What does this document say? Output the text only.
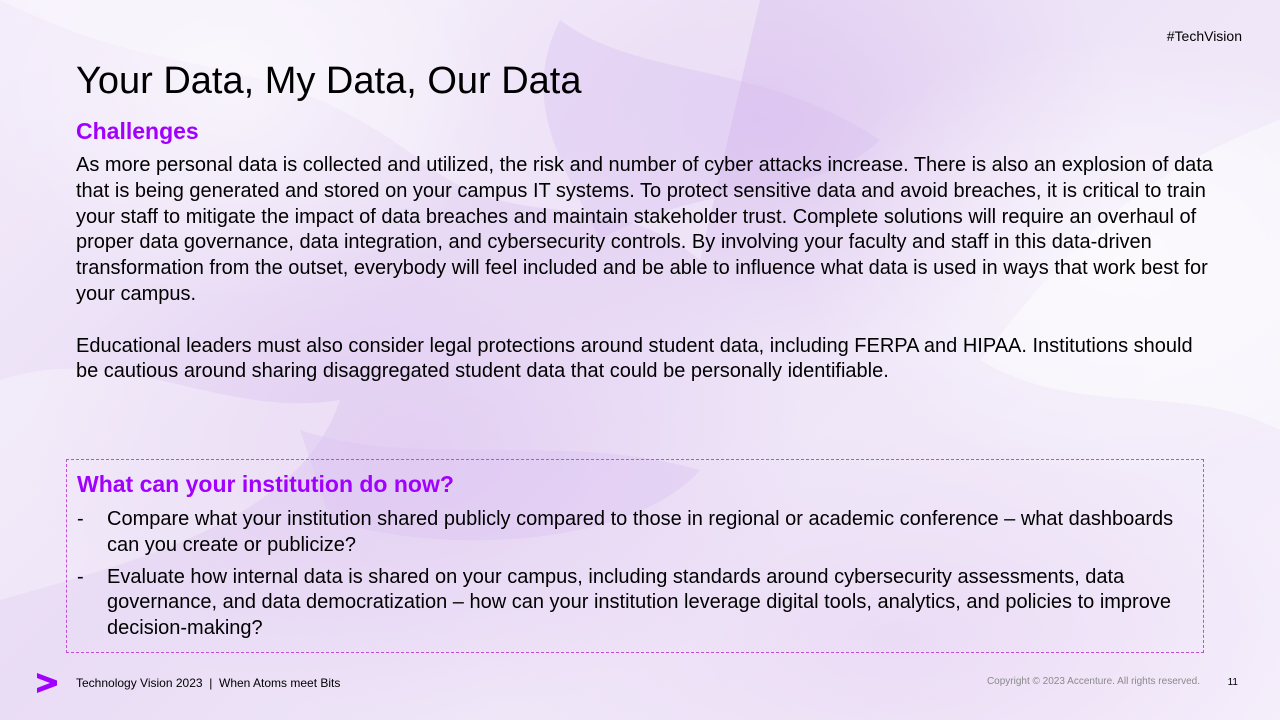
#TechVision
Your Data, My Data, Our Data
Challenges

As more personal data is collected and utilized, the risk and number of cyber attacks increase. There is also an explosion of data that is being generated and stored on your campus IT systems. To protect sensitive data and avoid breaches, it is critical to train your staff to mitigate the impact of data breaches and maintain stakeholder trust. Complete solutions will require an overhaul of proper data governance, data integration, and cybersecurity controls. By involving your faculty and staff in this data-driven transformation from the outset, everybody will feel included and be able to influence what data is used in ways that work best for your campus.

Educational leaders must also consider legal protections around student data, including FERPA and HIPAA. Institutions should be cautious around sharing disaggregated student data that could be personally identifiable.

What can your institution do now?
-	Compare what your institution shared publicly compared to those in regional or academic conference – what dashboards can you create or publicize?
-	Evaluate how internal data is shared on your campus, including standards around cybersecurity assessments, data governance, and data democratization – how can your institution leverage digital tools, analytics, and policies to improve decision-making?
Technology Vision 2023  |  When Atoms meet Bits	Copyright © 2023 Accenture. All rights reserved.	11
